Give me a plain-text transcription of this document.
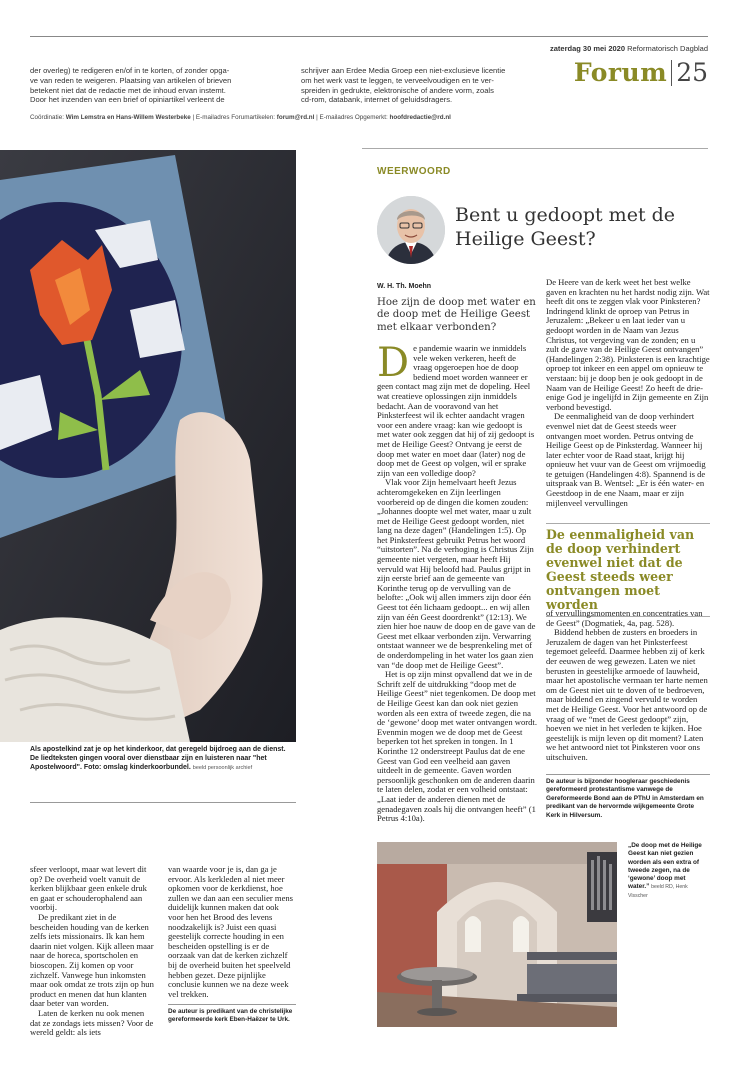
zaterdag 30 mei 2020 Reformatorisch Dagblad
Forum 25

der overleg) te redigeren en/of in te korten, of zonder opga-

ve van reden te weigeren. Plaatsing van artikelen of brieven

betekent niet dat de redactie met de inhoud ervan instemt.

Door het inzenden van een brief of opiniartikel verleent de

schrijver aan Erdee Media Groep een niet-exclusieve licentie

om het werk vast te leggen, te verveelvoudigen en te ver-

spreiden in gedrukte, elektronische of andere vorm, zoals

cd-rom, databank, internet of geluidsdragers.

Coördinatie: Wim Lemstra en Hans-Willem Westerbeke | E-mailadres Forumartikelen: forum@rd.nl | E-mailadres Opgemerkt: hoofdredactie@rd.nl
Als apostelkind zat je op het kinderkoor, dat geregeld bijdroeg aan de dienst. De liedteksten gingen vooral over dienstbaar zijn en luisteren naar "het Apostelwoord". Foto: omslag kinderkoorbundel. beeld persoonlijk archief

sfeer verloopt, maar wat levert dit op? De overheid voelt vanuit de kerken blijkbaar geen enkele druk en gaat er schouderophalend aan voorbij.

De predikant ziet in de bescheiden houding van de kerken zelfs iets missionairs. Ik kan hem daarin niet volgen. Kijk alleen maar naar de horeca, sportscholen en bioscopen. Zij komen op voor zichzelf. Vanwege hun inkomsten maar ook omdat ze trots zijn op hun product en menen dat hun klanten daar beter van worden.

Laten de kerken nu ook menen dat ze zondags iets missen? Voor de wereld geldt: als iets

van waarde voor je is, dan ga je ervoor. Als kerkleden al niet meer opkomen voor de kerkdienst, hoe zullen we dan aan een seculier mens duidelijk kunnen maken dat ook voor hen het Brood des levens noodzakelijk is? Juist een quasi geestelijk correcte houding in een bescheiden opstelling is er de oorzaak van dat de kerken zichzelf bij de overheid buiten het speelveld hebben gezet. Deze pijnlijke conclusie kunnen we na deze week vel trekken.

De auteur is predikant van de christelijke gereformeerde kerk Eben-Haëzer te Urk.
WEERWOORD
Bent u gedoopt met de Heilige Geest?
W. H. Th. Moehn
Hoe zijn de doop met water en de doop met de Heilige Geest met elkaar verbonden?

De pandemie waarin we inmiddels vele weken verkeren, heeft de vraag opgeroepen hoe de doop bediend moet worden wanneer er geen contact mag zijn met de dopeling. Heel wat creatieve oplossingen zijn inmiddels bedacht. Aan de vooravond van het Pinksterfeest wil ik echter aandacht vragen voor een andere vraag: kan wie gedoopt is met water ook zeggen dat hij of zij gedoopt is met de Heilige Geest? Ontvang je eerst de doop met water en moet daar (later) nog de doop met de Geest op volgen, wil er sprake zijn van een volledige doop?

Vlak voor Zijn hemelvaart heeft Jezus achteromgekeken en Zijn leerlingen voorbereid op de dingen die komen zouden: „Johannes doopte wel met water, maar u zult met de Heilige Geest gedoopt worden, niet lang na deze dagen” (Handelingen 1:5). Op het Pinksterfeest gebruikt Petrus het woord “uitstorten”. Na de verhoging is Christus Zijn gemeente niet vergeten, maar heeft Hij vervuld wat Hij beloofd had. Paulus grijpt in zijn eerste brief aan de gemeente van Korinthe terug op de vervulling van de belofte: „Ook wij allen immers zijn door één Geest tot één lichaam gedoopt... en wij allen zijn van één Geest doordrenkt” (12:13). We zien hier hoe nauw de doop en de gave van de Geest met elkaar verbonden zijn. Verwarring ontstaat wanneer we de besprenkeling met of de onderdompeling in het water los gaan zien van “de doop met de Heilige Geest”.

Het is op zijn minst opvallend dat we in de Schrift zelf de uitdrukking “doop met de Heilige Geest” niet tegenkomen. De doop met de Heilige Geest kan dan ook niet gezien worden als een extra of tweede zegen, die na de ‘gewone’ doop met water ontvangen wordt. Evenmin mogen we de doop met de Geest beperken tot het spreken in tongen. In 1 Korinthe 12 onderstreept Paulus dat de ene Geest van God een veelheid aan gaven uitdeelt in de gemeente. Gaven worden persoonlijk geschonken om de anderen daarin te laten delen, zodat er een volheid ontstaat: „Laat ieder de anderen dienen met de genadegaven zoals hij die ontvangen heeft” (1 Petrus 4:10a).

De Heere van de kerk weet het best welke gaven en krachten nu het hardst nodig zijn. Wat heeft dit ons te zeggen vlak voor Pinksteren? Indringend klinkt de oproep van Petrus in Jeruzalem: „Bekeer u en laat ieder van u gedoopt worden in de Naam van Jezus Christus, tot vergeving van de zonden; en u zult de gave van de Heilige Geest ontvangen” (Handelingen 2:38). Pinksteren is een krachtige oproep tot inkeer en een appel om opnieuw te verstaan: bij je doop ben je ook gedoopt in de Naam van de Heilige Geest! Zo heeft de drie-enige God je ingelijfd in Zijn gemeente en Zijn verbond bevestigd.

De eenmaligheid van de doop verhindert evenwel niet dat de Geest steeds weer ontvangen moet worden. Petrus ontving de Heilige Geest op de Pinksterdag. Wanneer hij later echter voor de Raad staat, krijgt hij opnieuw het vuur van de Geest om vrijmoedig te getuigen (Handelingen 4:8). Spannend is de uitspraak van B. Wentsel: „Er is één water- en Geestdoop in de ene Naam, maar er zijn mijlenveel vervullingen

De eenmaligheid van de doop verhindert evenwel niet dat de Geest steeds weer ontvangen moet worden

of vervullingsmomenten en concentraties van de Geest” (Dogmatiek, 4a, pag. 528).

Biddend hebben de zusters en broeders in Jeruzalem de dagen van het Pinksterfeest tegemoet geleefd. Daarmee hebben zij of kerk der eeuwen de weg gewezen. Laten we niet berusten in geestelijke armoede of lauwheid, maar het apostolische vermaan ter harte nemen om de Geest niet uit te doven of te bedroeven, maar biddend en zingend vervuld te worden met de Heilige Geest. Voor het antwoord op de vraag of we “met de Geest gedoopt” zijn, hoeven we niet in het verleden te kijken. Hoe geestelijk is mijn leven op dit moment? Laten we het antwoord niet tot Pinksteren voor ons uitschuiven.

De auteur is bijzonder hoogleraar geschiedenis gereformeerd protestantisme vanwege de Gereformeerde Bond aan de PThU in Amsterdam en predikant van de hervormde wijkgemeente Grote Kerk in Hilversum.
„De doop met de Heilige Geest kan niet gezien worden als een extra of tweede zegen, na de ‘gewone’ doop met water.” beeld RD, Henk Visscher
